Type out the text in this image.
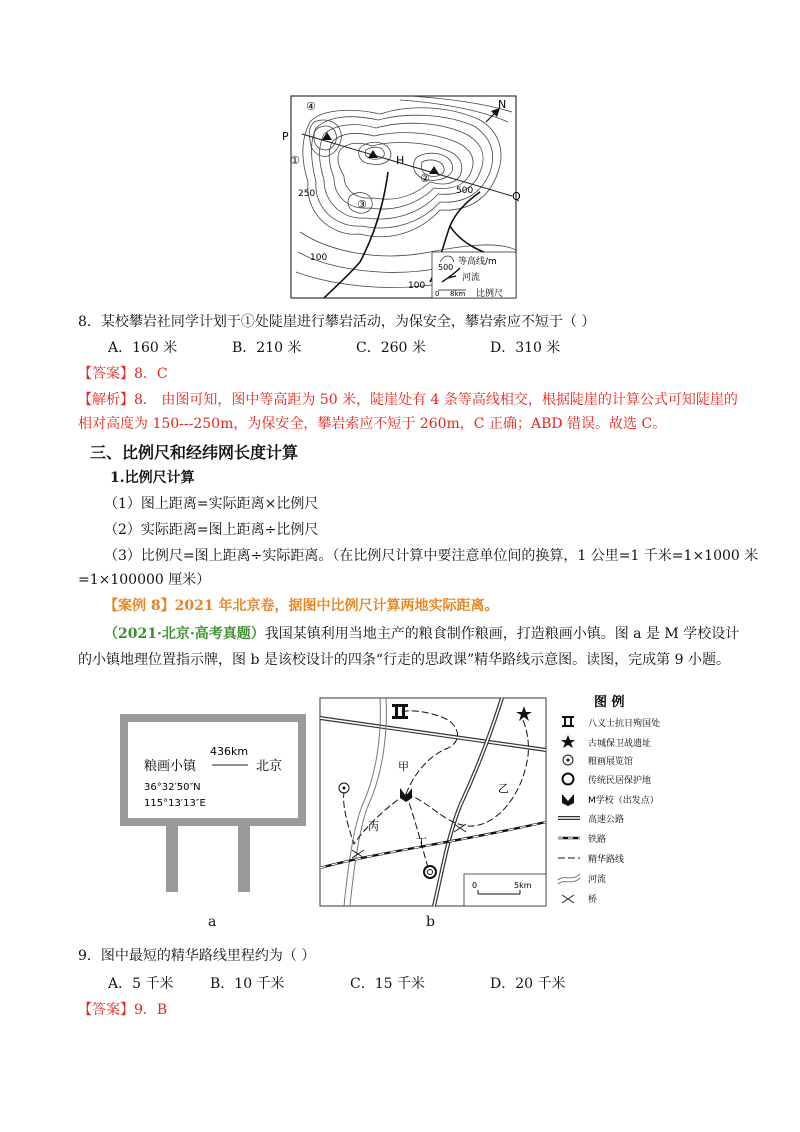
N
P
Q
H
④
①
②
③
250	500
100
100
500
等高线/m
河流
0 8km 比例尺
8．某校攀岩社同学计划于①处陡崖进行攀岩活动，为保安全，攀岩索应不短于（ ）
A．160 米	B．210 米	C．260 米	D．310 米
【答案】8．C
【解析】8． 由图可知，图中等高距为 50 米，陡崖处有 4 条等高线相交，根据陡崖的计算公式可知陡崖的
相对高度为 150---250m，为保安全，攀岩索应不短于 260m，C 正确；ABD 错误。故选 C。
三、比例尺和经纬网长度计算
1.比例尺计算
（1）图上距离=实际距离×比例尺
（2）实际距离=图上距离÷比例尺
（3）比例尺=图上距离÷实际距离。（在比例尺计算中要注意单位间的换算，1 公里=1 千米=1×1000 米
=1×100000 厘米）
【案例 8】2021 年北京卷，据图中比例尺计算两地实际距离。
（2021·北京·高考真题）我国某镇利用当地主产的粮食制作粮画，打造粮画小镇。图 a 是 M 学校设计
的小镇地理位置指示牌，图 b 是该校设计的四条“行走的思政课”精华路线示意图。读图，完成第 9 小题。
粮画小镇
436km
北京
36°32′50″N
115°13′13″E
a
甲
乙
丙
丁
0	5km
b
图 例
八义士抗日殉国处
古城保卫战遗址
粮画展览馆
传统民居保护地
M学校（出发点）
高速公路
铁路
精华路线
河流
桥
9．图中最短的精华路线里程约为（ ）
A．5 千米	B．10 千米	C．15 千米	D．20 千米
【答案】9．B
